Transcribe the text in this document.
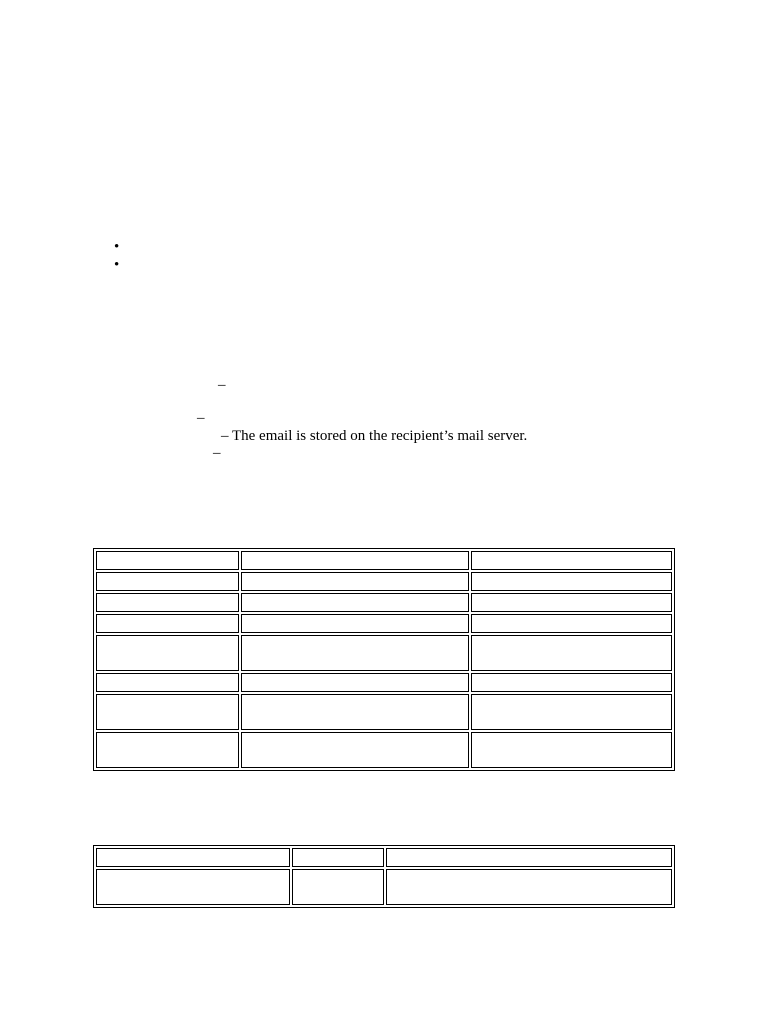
•
•
–
–
– The email is stored on the recipient’s mail server.
–
